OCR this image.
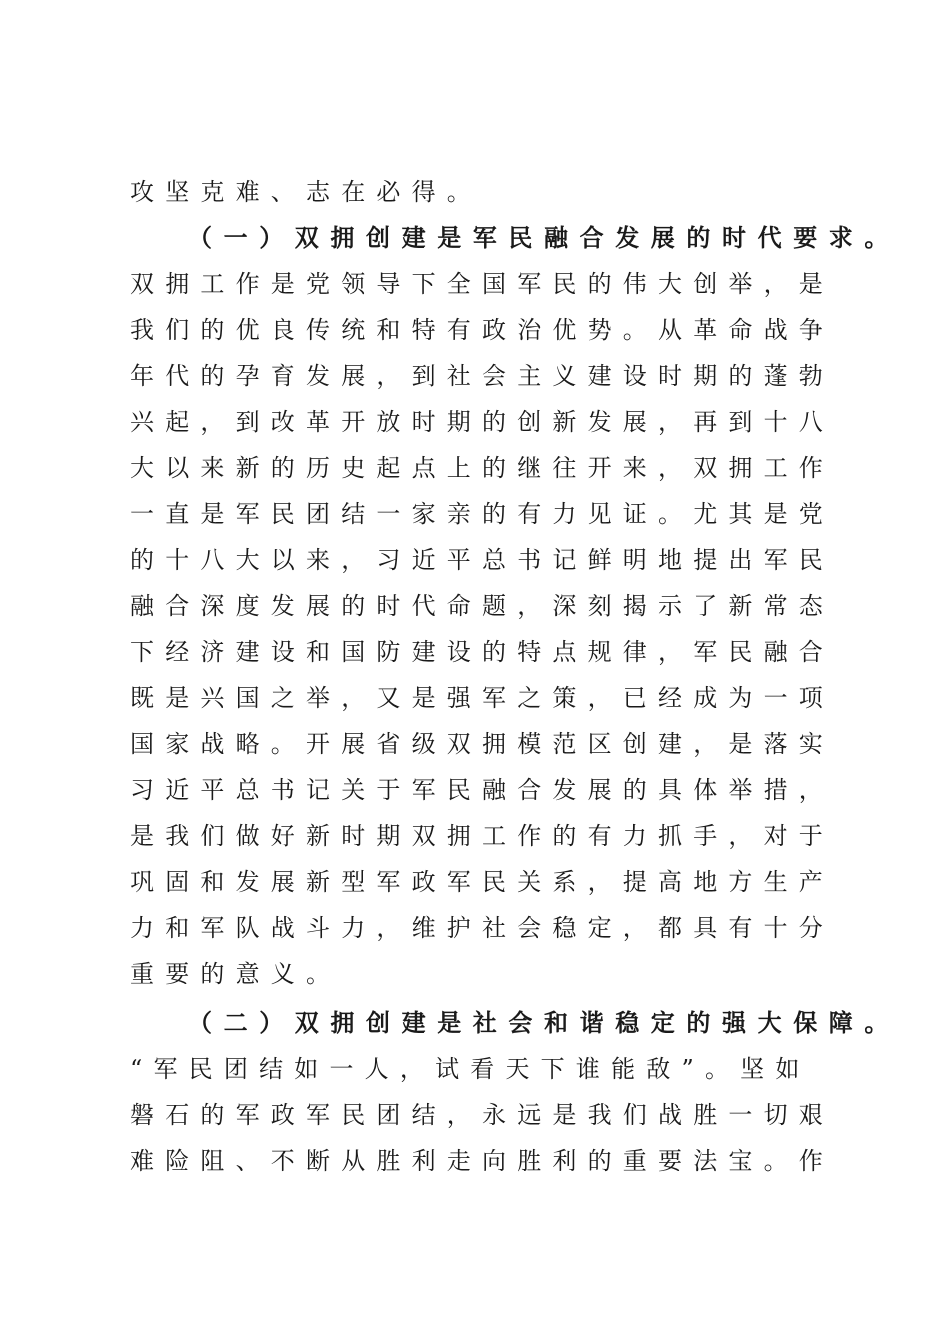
攻坚克难、志在必得。
（一）双拥创建是军民融合发展的时代要求。
双拥工作是党领导下全国军民的伟大创举，是
我们的优良传统和特有政治优势。从革命战争
年代的孕育发展，到社会主义建设时期的蓬勃
兴起，到改革开放时期的创新发展，再到十八
大以来新的历史起点上的继往开来，双拥工作
一直是军民团结一家亲的有力见证。尤其是党
的十八大以来，习近平总书记鲜明地提出军民
融合深度发展的时代命题，深刻揭示了新常态
下经济建设和国防建设的特点规律，军民融合
既是兴国之举，又是强军之策，已经成为一项
国家战略。开展省级双拥模范区创建，是落实
习近平总书记关于军民融合发展的具体举措，
是我们做好新时期双拥工作的有力抓手，对于
巩固和发展新型军政军民关系，提高地方生产
力和军队战斗力，维护社会稳定，都具有十分
重要的意义。
（二）双拥创建是社会和谐稳定的强大保障。
“军民团结如一人，试看天下谁能敌”。坚如
磐石的军政军民团结，永远是我们战胜一切艰
难险阻、不断从胜利走向胜利的重要法宝。作
